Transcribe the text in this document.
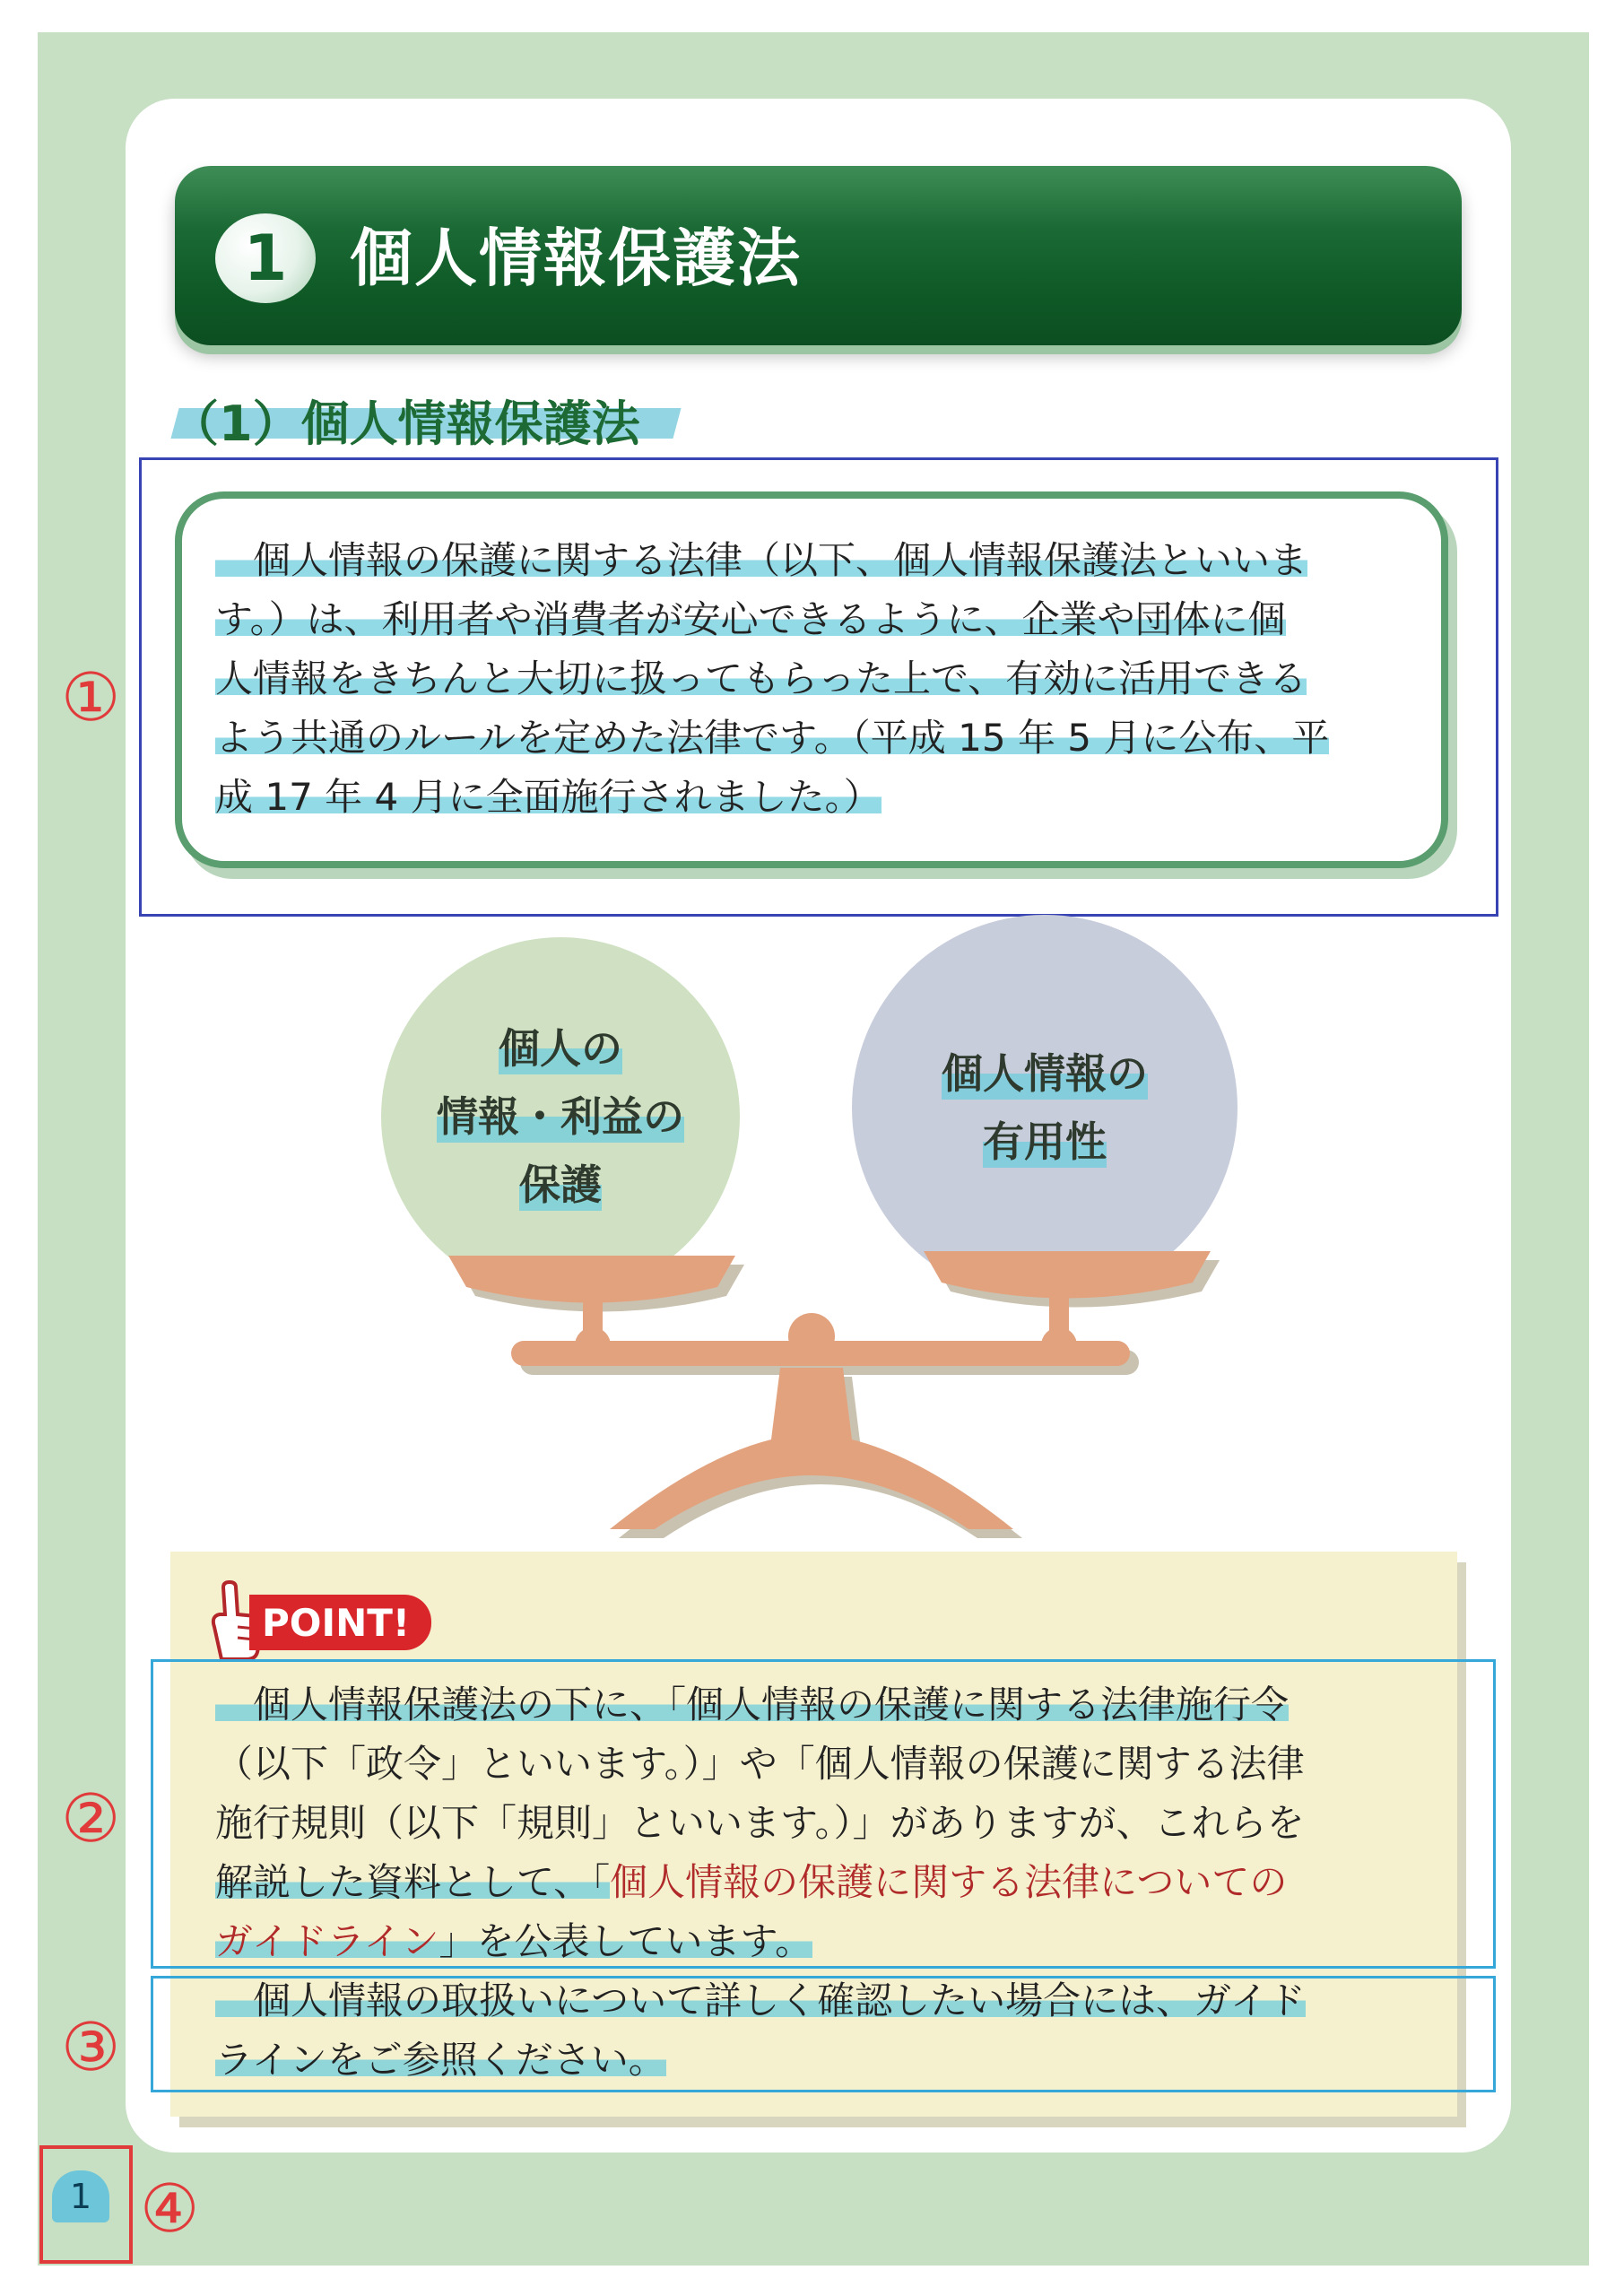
1 個人情報保護法
（1）個人情報保護法
　個人情報の保護に関する法律（以下、個人情報保護法といいま
す。）は、利用者や消費者が安心できるように、企業や団体に個
人情報をきちんと大切に扱ってもらった上で、有効に活用できる
よう共通のルールを定めた法律です。（平成 15 年 5 月に公布、平
成 17 年 4 月に全面施行されました。）
①
個人の
情報・利益の
保護
個人情報の
有用性
POINT!
　個人情報保護法の下に、「個人情報の保護に関する法律施行令
（以下「政令」といいます。）」や「個人情報の保護に関する法律
施行規則（以下「規則」といいます。）」がありますが、これらを
解説した資料として、「個人情報の保護に関する法律についての
ガイドライン」を公表しています。
　個人情報の取扱いについて詳しく確認したい場合には、ガイド
ラインをご参照ください。
②
③
1 ④
